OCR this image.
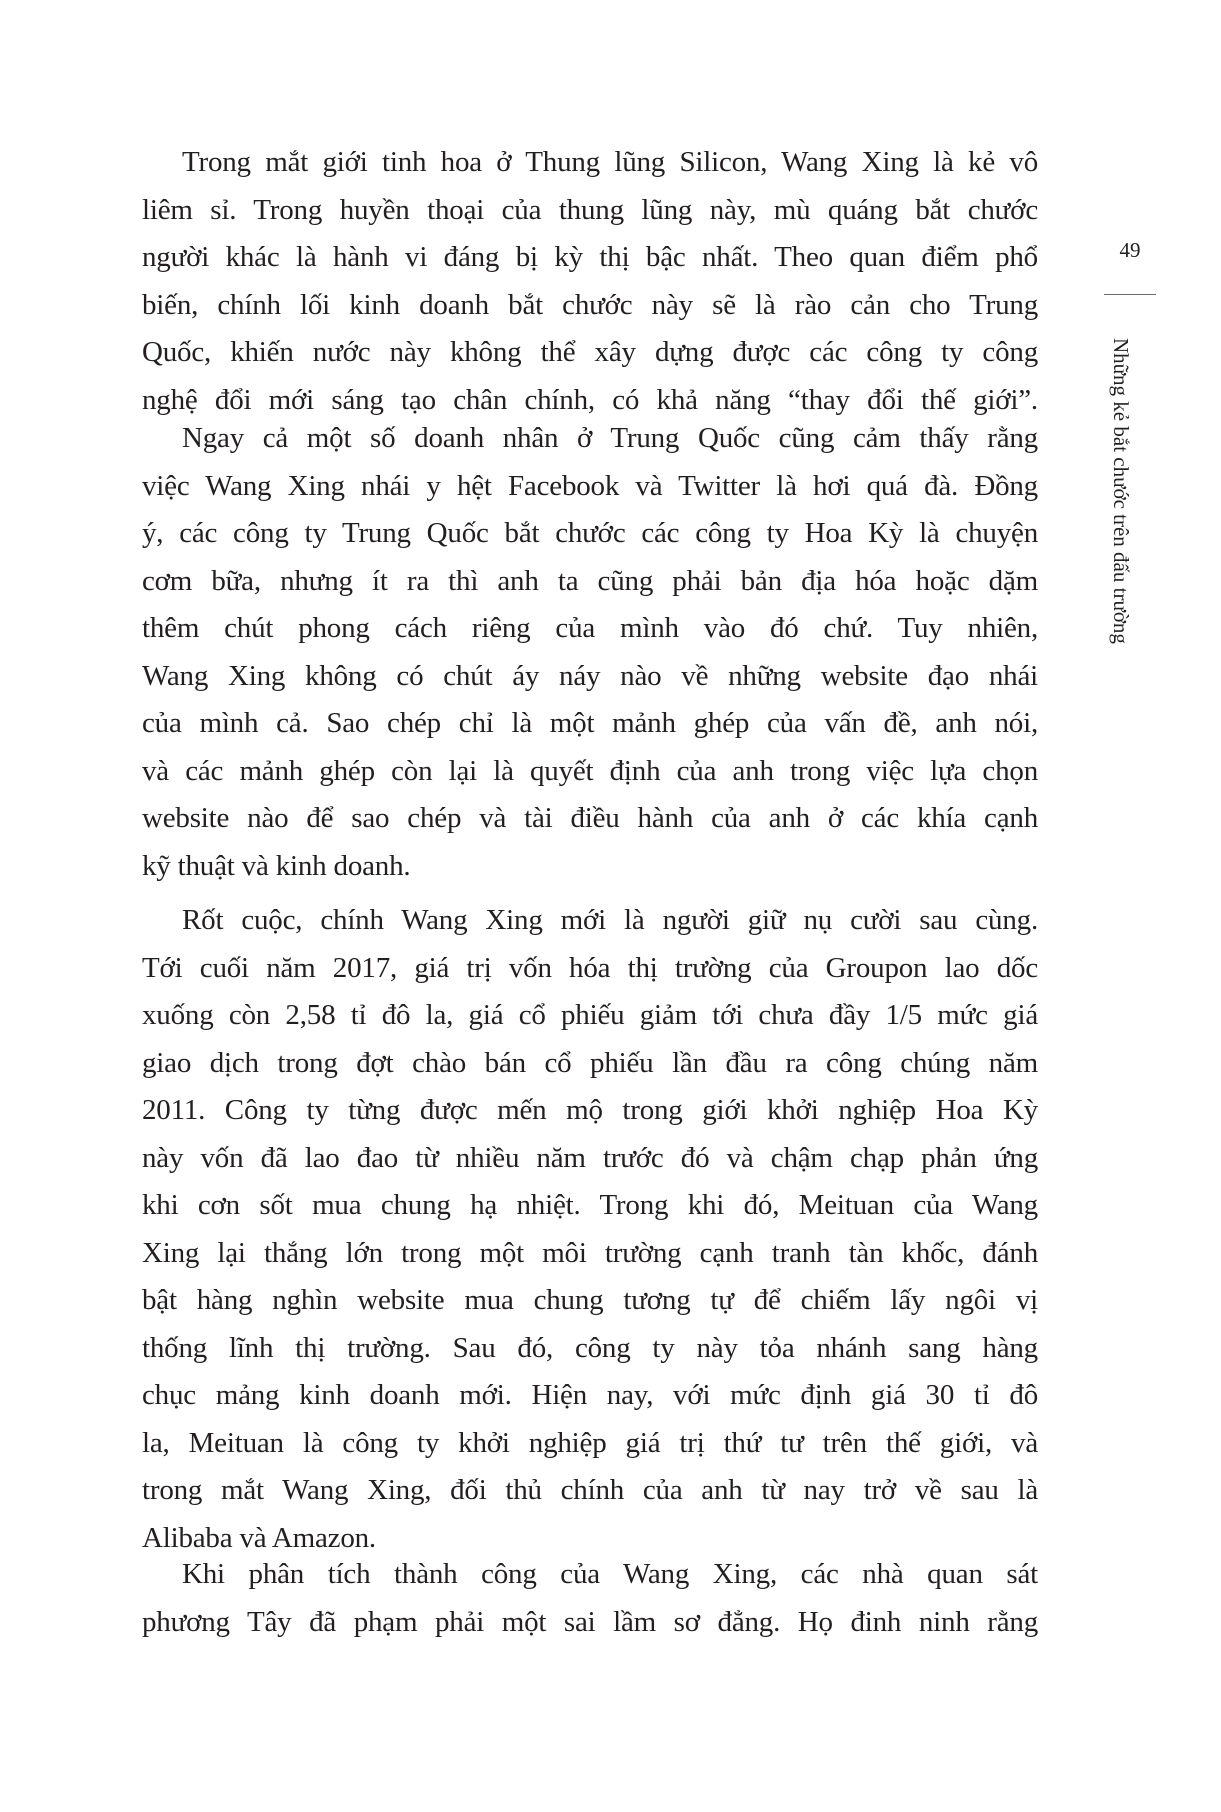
Trong mắt giới tinh hoa ở Thung lũng Silicon, Wang Xing là kẻ vô
liêm sỉ. Trong huyền thoại của thung lũng này, mù quáng bắt chước
người khác là hành vi đáng bị kỳ thị bậc nhất. Theo quan điểm phổ
biến, chính lối kinh doanh bắt chước này sẽ là rào cản cho Trung
Quốc, khiến nước này không thể xây dựng được các công ty công
nghệ đổi mới sáng tạo chân chính, có khả năng “thay đổi thế giới”.
Ngay cả một số doanh nhân ở Trung Quốc cũng cảm thấy rằng
việc Wang Xing nhái y hệt Facebook và Twitter là hơi quá đà. Đồng
ý, các công ty Trung Quốc bắt chước các công ty Hoa Kỳ là chuyện
cơm bữa, nhưng ít ra thì anh ta cũng phải bản địa hóa hoặc dặm
thêm chút phong cách riêng của mình vào đó chứ. Tuy nhiên,
Wang Xing không có chút áy náy nào về những website đạo nhái
của mình cả. Sao chép chỉ là một mảnh ghép của vấn đề, anh nói,
và các mảnh ghép còn lại là quyết định của anh trong việc lựa chọn
website nào để sao chép và tài điều hành của anh ở các khía cạnh
kỹ thuật và kinh doanh.
Rốt cuộc, chính Wang Xing mới là người giữ nụ cười sau cùng.
Tới cuối năm 2017, giá trị vốn hóa thị trường của Groupon lao dốc
xuống còn 2,58 tỉ đô la, giá cổ phiếu giảm tới chưa đầy 1/5 mức giá
giao dịch trong đợt chào bán cổ phiếu lần đầu ra công chúng năm
2011. Công ty từng được mến mộ trong giới khởi nghiệp Hoa Kỳ
này vốn đã lao đao từ nhiều năm trước đó và chậm chạp phản ứng
khi cơn sốt mua chung hạ nhiệt. Trong khi đó, Meituan của Wang
Xing lại thắng lớn trong một môi trường cạnh tranh tàn khốc, đánh
bật hàng nghìn website mua chung tương tự để chiếm lấy ngôi vị
thống lĩnh thị trường. Sau đó, công ty này tỏa nhánh sang hàng
chục mảng kinh doanh mới. Hiện nay, với mức định giá 30 tỉ đô
la, Meituan là công ty khởi nghiệp giá trị thứ tư trên thế giới, và
trong mắt Wang Xing, đối thủ chính của anh từ nay trở về sau là
Alibaba và Amazon.
Khi phân tích thành công của Wang Xing, các nhà quan sát
phương Tây đã phạm phải một sai lầm sơ đẳng. Họ đinh ninh rằng
49
Những kẻ bắt chước trên đấu trường
